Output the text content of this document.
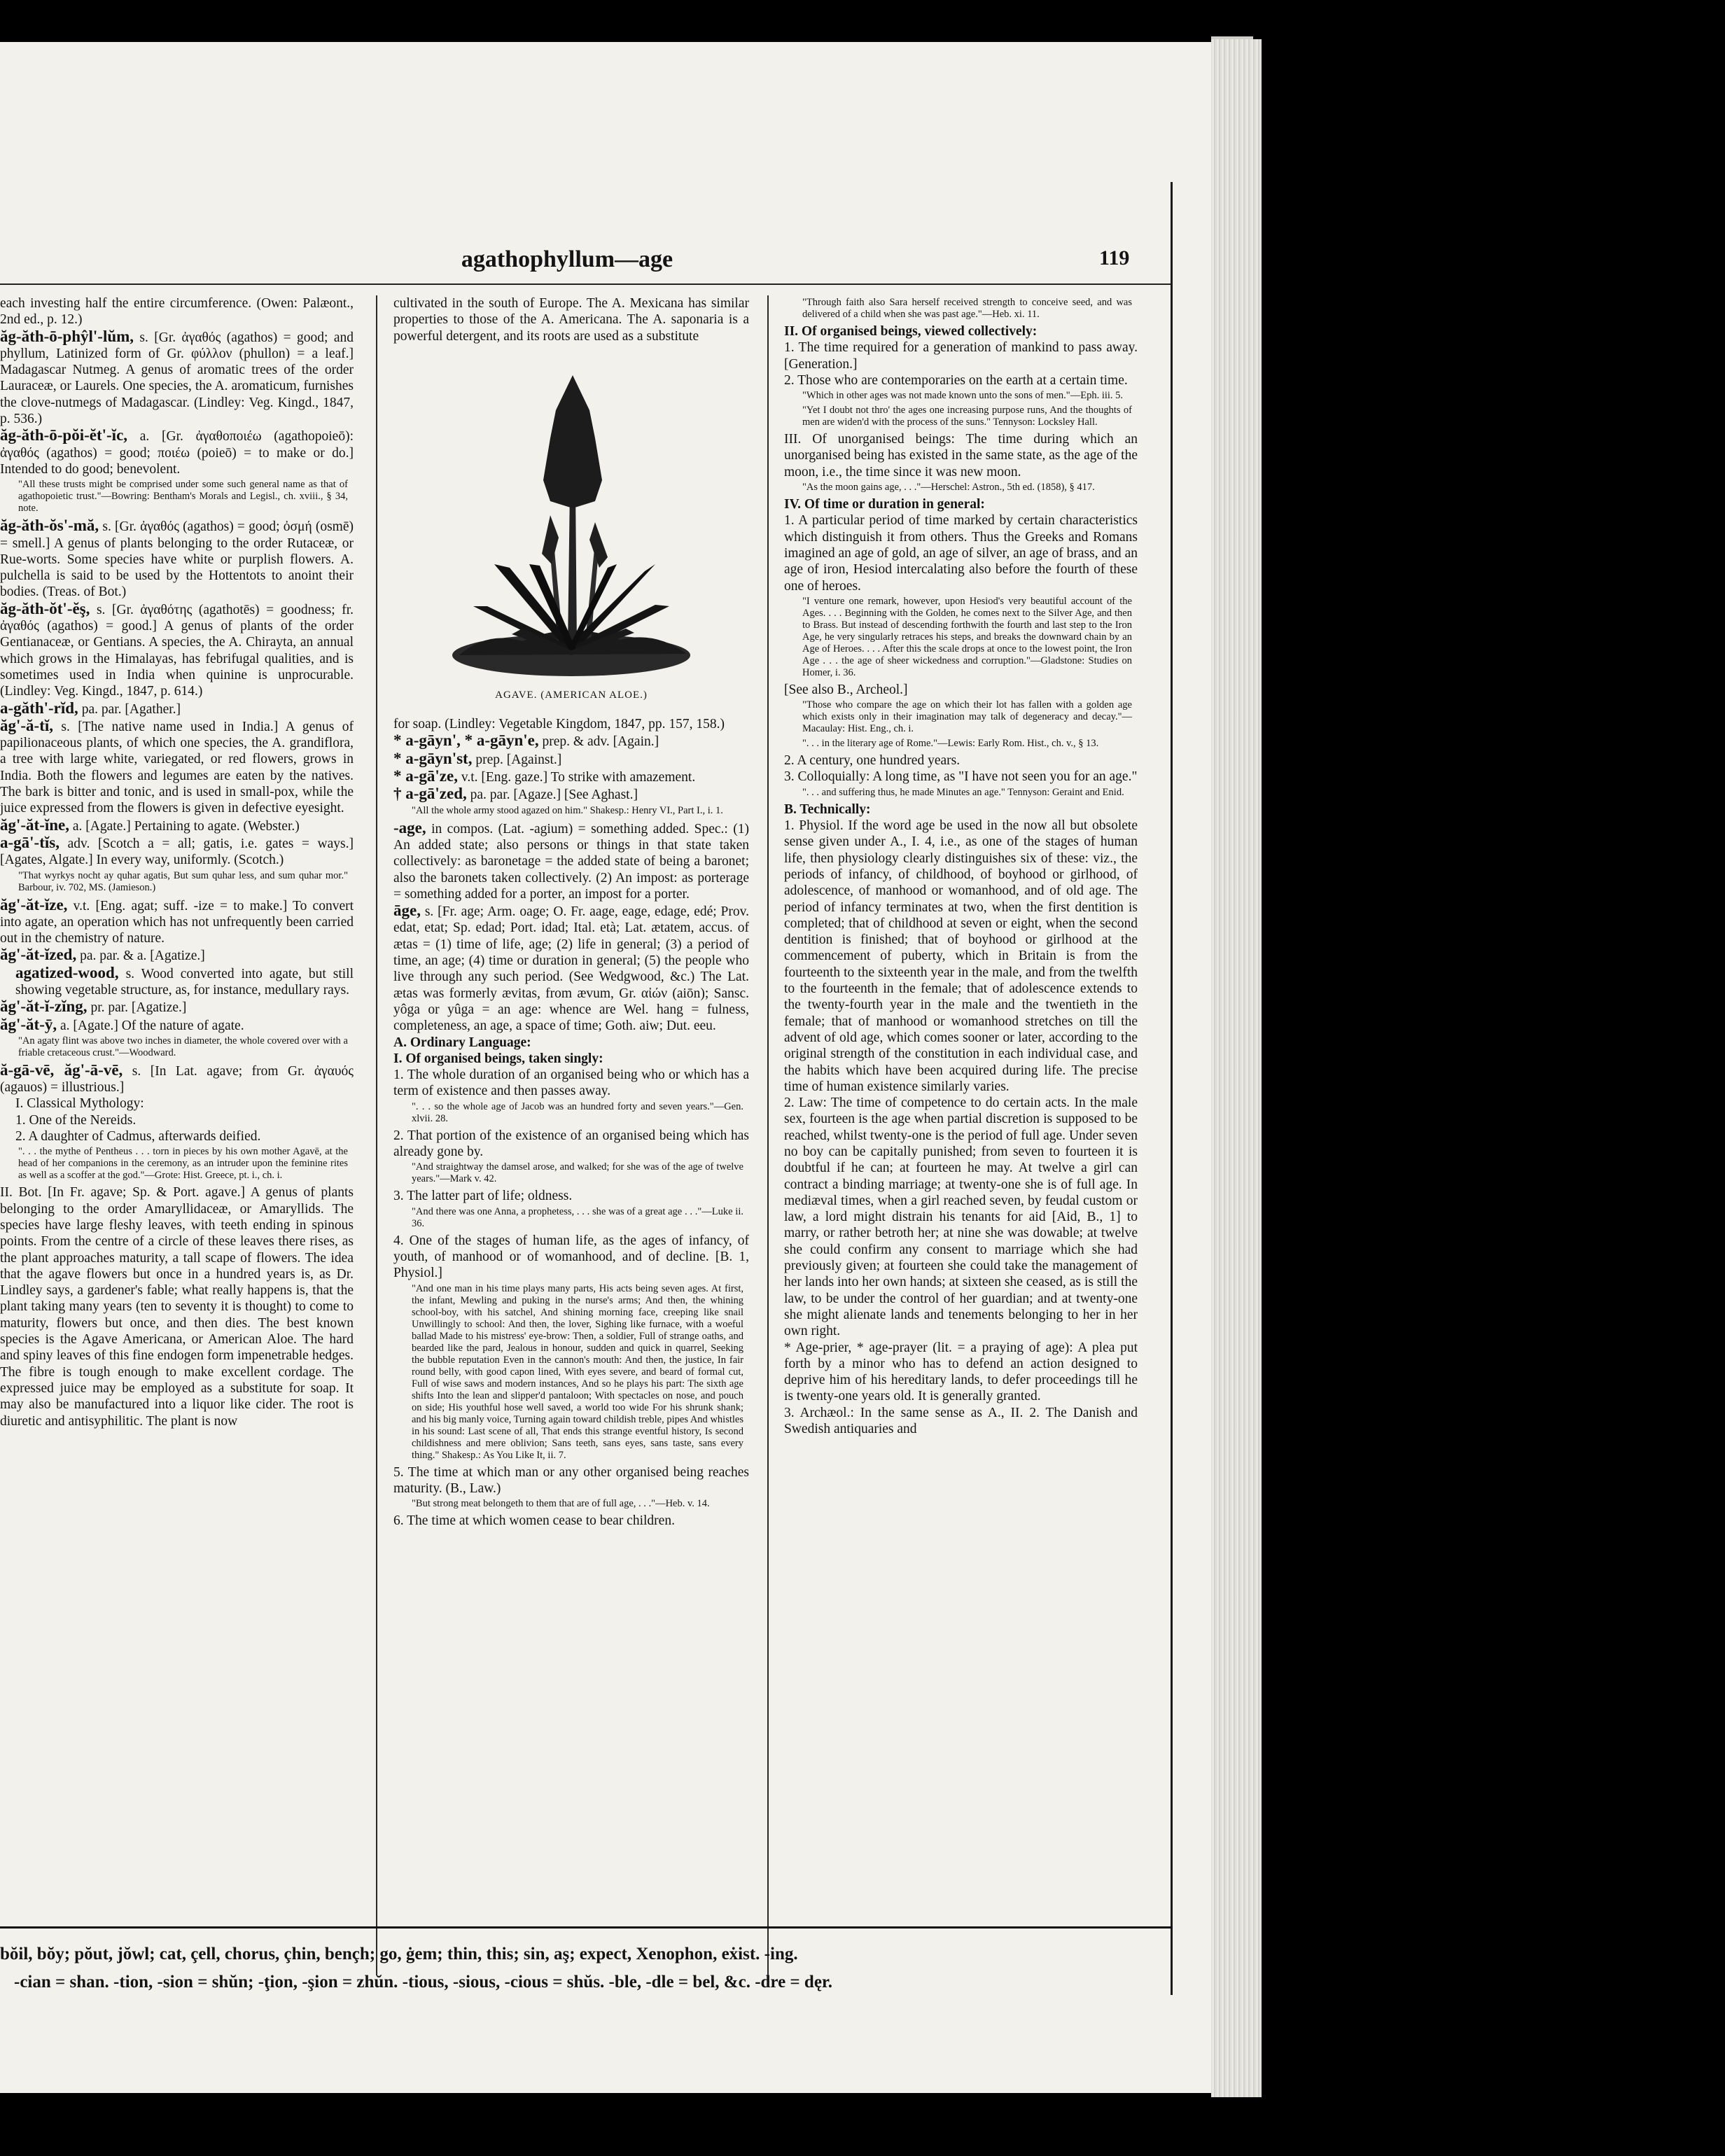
agathophyllum—age	119

each investing half the entire circumference. (Owen: Palæont., 2nd ed., p. 12.)

ăg-ăth-ō-phŷl'-lŭm, s. [Gr. ἀγαθός (agathos) = good; and phyllum, Latinized form of Gr. φύλλον (phullon) = a leaf.] Madagascar Nutmeg. A genus of aromatic trees of the order Lauraceæ, or Laurels. One species, the A. aromaticum, furnishes the clove-nutmegs of Madagascar. (Lindley: Veg. Kingd., 1847, p. 536.)

ăg-ăth-ō-pŏi-ĕt'-ĭc, a. [Gr. ἀγαθοποιέω (agathopoieō): ἀγαθός (agathos) = good; ποιέω (poieō) = to make or do.] Intended to do good; benevolent.

"All these trusts might be comprised under some such general name as that of agathopoietic trust."—Bowring: Bentham's Morals and Legisl., ch. xviii., § 34, note.

ăg-ăth-ŏs'-mă, s. [Gr. ἀγαθός (agathos) = good; ὀσμή (osmē) = smell.] A genus of plants belonging to the order Rutaceæ, or Rue-worts. Some species have white or purplish flowers. A. pulchella is said to be used by the Hottentots to anoint their bodies. (Treas. of Bot.)

ăg-ăth-ŏt'-ĕş, s. [Gr. ἀγαθότης (agathotēs) = goodness; fr. ἀγαθός (agathos) = good.] A genus of plants of the order Gentianaceæ, or Gentians. A species, the A. Chirayta, an annual which grows in the Himalayas, has febrifugal qualities, and is sometimes used in India when quinine is unprocurable. (Lindley: Veg. Kingd., 1847, p. 614.)

a-găth'-rĭd, pa. par. [Agather.]

ăg'-ă-tĭ, s. [The native name used in India.] A genus of papilionaceous plants, of which one species, the A. grandiflora, a tree with large white, variegated, or red flowers, grows in India. Both the flowers and legumes are eaten by the natives. The bark is bitter and tonic, and is used in small-pox, while the juice expressed from the flowers is given in defective eyesight.

ăg'-ăt-ĭne, a. [Agate.] Pertaining to agate. (Webster.)

a-gā'-tĭs, adv. [Scotch a = all; gatis, i.e. gates = ways.] [Agates, Algate.] In every way, uniformly. (Scotch.)

"That wyrkys nocht ay quhar agatis, But sum quhar less, and sum quhar mor." Barbour, iv. 702, MS. (Jamieson.)

ăg'-ăt-ĭze, v.t. [Eng. agat; suff. -ize = to make.] To convert into agate, an operation which has not unfrequently been carried out in the chemistry of nature.

ăg'-ăt-ĭzed, pa. par. & a. [Agatize.]

agatized-wood, s. Wood converted into agate, but still showing vegetable structure, as, for instance, medullary rays.

ăg'-ăt-ĭ-zĭng, pr. par. [Agatize.]

ăg'-ăt-ȳ, a. [Agate.] Of the nature of agate.

"An agaty flint was above two inches in diameter, the whole covered over with a friable cretaceous crust."—Woodward.

ă-gā-vē, ăg'-ā-vē, s. [In Lat. agave; from Gr. ἀγαυός (agauos) = illustrious.]

I. Classical Mythology:

1. One of the Nereids.

2. A daughter of Cadmus, afterwards deified.

". . . the mythe of Pentheus . . . torn in pieces by his own mother Agavē, at the head of her companions in the ceremony, as an intruder upon the feminine rites as well as a scoffer at the god."—Grote: Hist. Greece, pt. i., ch. i.

II. Bot. [In Fr. agave; Sp. & Port. agave.] A genus of plants belonging to the order Amaryllidaceæ, or Amaryllids. The species have large fleshy leaves, with teeth ending in spinous points. From the centre of a circle of these leaves there rises, as the plant approaches maturity, a tall scape of flowers. The idea that the agave flowers but once in a hundred years is, as Dr. Lindley says, a gardener's fable; what really happens is, that the plant taking many years (ten to seventy it is thought) to come to maturity, flowers but once, and then dies. The best known species is the Agave Americana, or American Aloe. The hard and spiny leaves of this fine endogen form impenetrable hedges. The fibre is tough enough to make excellent cordage. The expressed juice may be employed as a substitute for soap. It may also be manufactured into a liquor like cider. The root is diuretic and antisyphilitic. The plant is now

cultivated in the south of Europe. The A. Mexicana has similar properties to those of the A. Americana. The A. saponaria is a powerful detergent, and its roots are used as a substitute

AGAVE. (AMERICAN ALOE.)

for soap. (Lindley: Vegetable Kingdom, 1847, pp. 157, 158.)

* a-gāyn', * a-gāyn'e, prep. & adv. [Again.]

* a-gāyn'st, prep. [Against.]

* a-gā'ze, v.t. [Eng. gaze.] To strike with amazement.

† a-gā'zed, pa. par. [Agaze.] [See Aghast.]

"All the whole army stood agazed on him." Shakesp.: Henry VI., Part I., i. 1.

-age, in compos. (Lat. -agium) = something added. Spec.: (1) An added state; also persons or things in that state taken collectively: as baronetage = the added state of being a baronet; also the baronets taken collectively. (2) An impost: as porterage = something added for a porter, an impost for a porter.

āge, s. [Fr. age; Arm. oage; O. Fr. aage, eage, edage, edé; Prov. edat, etat; Sp. edad; Port. idad; Ital. età; Lat. ætatem, accus. of ætas = (1) time of life, age; (2) life in general; (3) a period of time, an age; (4) time or duration in general; (5) the people who live through any such period. (See Wedgwood, &c.) The Lat. ætas was formerly ævitas, from ævum, Gr. αἰών (aiōn); Sansc. yôga or yûga = an age: whence are Wel. hang = fulness, completeness, an age, a space of time; Goth. aiw; Dut. eeu.

A. Ordinary Language:

I. Of organised beings, taken singly:

1. The whole duration of an organised being who or which has a term of existence and then passes away.

". . . so the whole age of Jacob was an hundred forty and seven years."—Gen. xlvii. 28.

2. That portion of the existence of an organised being which has already gone by.

"And straightway the damsel arose, and walked; for she was of the age of twelve years."—Mark v. 42.

3. The latter part of life; oldness.

"And there was one Anna, a prophetess, . . . she was of a great age . . ."—Luke ii. 36.

4. One of the stages of human life, as the ages of infancy, of youth, of manhood or of womanhood, and of decline. [B. 1, Physiol.]

"And one man in his time plays many parts, His acts being seven ages. At first, the infant, Mewling and puking in the nurse's arms; And then, the whining school-boy, with his satchel, And shining morning face, creeping like snail Unwillingly to school: And then, the lover, Sighing like furnace, with a woeful ballad Made to his mistress' eye-brow: Then, a soldier, Full of strange oaths, and bearded like the pard, Jealous in honour, sudden and quick in quarrel, Seeking the bubble reputation Even in the cannon's mouth: And then, the justice, In fair round belly, with good capon lined, With eyes severe, and beard of formal cut, Full of wise saws and modern instances, And so he plays his part: The sixth age shifts Into the lean and slipper'd pantaloon; With spectacles on nose, and pouch on side; His youthful hose well saved, a world too wide For his shrunk shank; and his big manly voice, Turning again toward childish treble, pipes And whistles in his sound: Last scene of all, That ends this strange eventful history, Is second childishness and mere oblivion; Sans teeth, sans eyes, sans taste, sans every thing." Shakesp.: As You Like It, ii. 7.

5. The time at which man or any other organised being reaches maturity. (B., Law.)

"But strong meat belongeth to them that are of full age, . . ."—Heb. v. 14.

6. The time at which women cease to bear children.

"Through faith also Sara herself received strength to conceive seed, and was delivered of a child when she was past age."—Heb. xi. 11.

II. Of organised beings, viewed collectively:

1. The time required for a generation of mankind to pass away. [Generation.]

2. Those who are contemporaries on the earth at a certain time.

"Which in other ages was not made known unto the sons of men."—Eph. iii. 5.

"Yet I doubt not thro' the ages one increasing purpose runs, And the thoughts of men are widen'd with the process of the suns." Tennyson: Locksley Hall.

III. Of unorganised beings: The time during which an unorganised being has existed in the same state, as the age of the moon, i.e., the time since it was new moon.

"As the moon gains age, . . ."—Herschel: Astron., 5th ed. (1858), § 417.

IV. Of time or duration in general:

1. A particular period of time marked by certain characteristics which distinguish it from others. Thus the Greeks and Romans imagined an age of gold, an age of silver, an age of brass, and an age of iron, Hesiod intercalating also before the fourth of these one of heroes.

"I venture one remark, however, upon Hesiod's very beautiful account of the Ages. . . . Beginning with the Golden, he comes next to the Silver Age, and then to Brass. But instead of descending forthwith the fourth and last step to the Iron Age, he very singularly retraces his steps, and breaks the downward chain by an Age of Heroes. . . . After this the scale drops at once to the lowest point, the Iron Age . . . the age of sheer wickedness and corruption."—Gladstone: Studies on Homer, i. 36.

[See also B., Archeol.]

"Those who compare the age on which their lot has fallen with a golden age which exists only in their imagination may talk of degeneracy and decay."—Macaulay: Hist. Eng., ch. i.

". . . in the literary age of Rome."—Lewis: Early Rom. Hist., ch. v., § 13.

2. A century, one hundred years.

3. Colloquially: A long time, as "I have not seen you for an age."

". . . and suffering thus, he made Minutes an age." Tennyson: Geraint and Enid.

B. Technically:

1. Physiol. If the word age be used in the now all but obsolete sense given under A., I. 4, i.e., as one of the stages of human life, then physiology clearly distinguishes six of these: viz., the periods of infancy, of childhood, of boyhood or girlhood, of adolescence, of manhood or womanhood, and of old age. The period of infancy terminates at two, when the first dentition is completed; that of childhood at seven or eight, when the second dentition is finished; that of boyhood or girlhood at the commencement of puberty, which in Britain is from the fourteenth to the sixteenth year in the male, and from the twelfth to the fourteenth in the female; that of adolescence extends to the twenty-fourth year in the male and the twentieth in the female; that of manhood or womanhood stretches on till the advent of old age, which comes sooner or later, according to the original strength of the constitution in each individual case, and the habits which have been acquired during life. The precise time of human existence similarly varies.

2. Law: The time of competence to do certain acts. In the male sex, fourteen is the age when partial discretion is supposed to be reached, whilst twenty-one is the period of full age. Under seven no boy can be capitally punished; from seven to fourteen it is doubtful if he can; at fourteen he may. At twelve a girl can contract a binding marriage; at twenty-one she is of full age. In mediæval times, when a girl reached seven, by feudal custom or law, a lord might distrain his tenants for aid [Aid, B., 1] to marry, or rather betroth her; at nine she was dowable; at twelve she could confirm any consent to marriage which she had previously given; at fourteen she could take the management of her lands into her own hands; at sixteen she ceased, as is still the law, to be under the control of her guardian; and at twenty-one she might alienate lands and tenements belonging to her in her own right.

* Age-prier, * age-prayer (lit. = a praying of age): A plea put forth by a minor who has to defend an action designed to deprive him of his hereditary lands, to defer proceedings till he is twenty-one years old. It is generally granted.

3. Archæol.: In the same sense as A., II. 2. The Danish and Swedish antiquaries and

bŏil, bŏy; pŏut, jŏwl; cat, çell, chorus, çhin, bençh; go, ġem; thin, this; sin, aş; expect, Xenophon, eẋist. -ing.

-cian = shan. -tion, -sion = shŭn; -ţion, -şion = zhŭn. -tious, -sious, -cious = shŭs. -ble, -dle = bel, &c. -dre = dęr.
